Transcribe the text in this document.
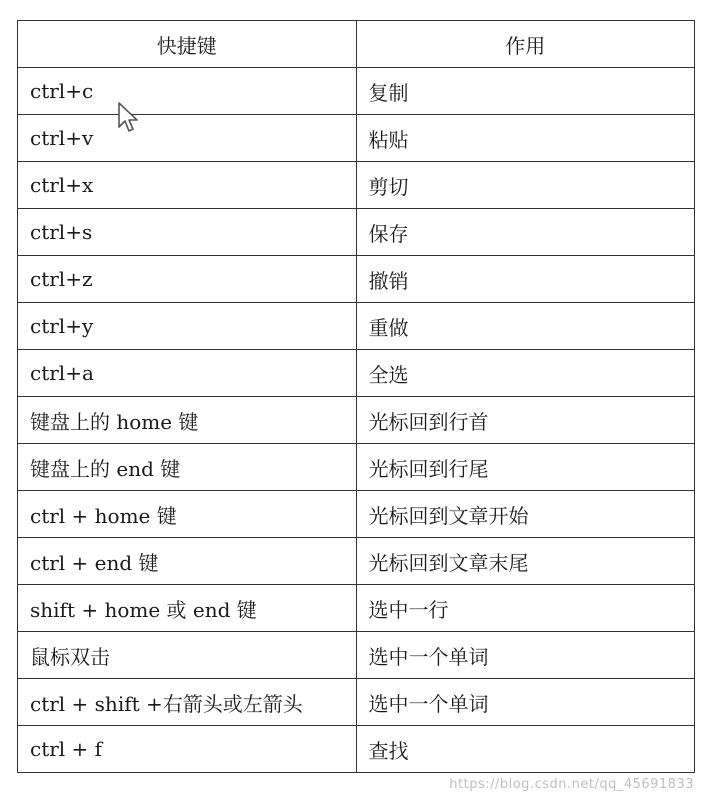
快捷键	作用
ctrl+c	复制
ctrl+v	粘贴
ctrl+x	剪切
ctrl+s	保存
ctrl+z	撤销
ctrl+y	重做
ctrl+a	全选
键盘上的 home 键	光标回到行首
键盘上的 end 键	光标回到行尾
ctrl + home 键	光标回到文章开始
ctrl + end 键	光标回到文章末尾
shift + home 或 end 键	选中一行
鼠标双击	选中一个单词
ctrl + shift +右箭头或左箭头	选中一个单词
ctrl + f	查找
https://blog.csdn.net/qq_45691833
